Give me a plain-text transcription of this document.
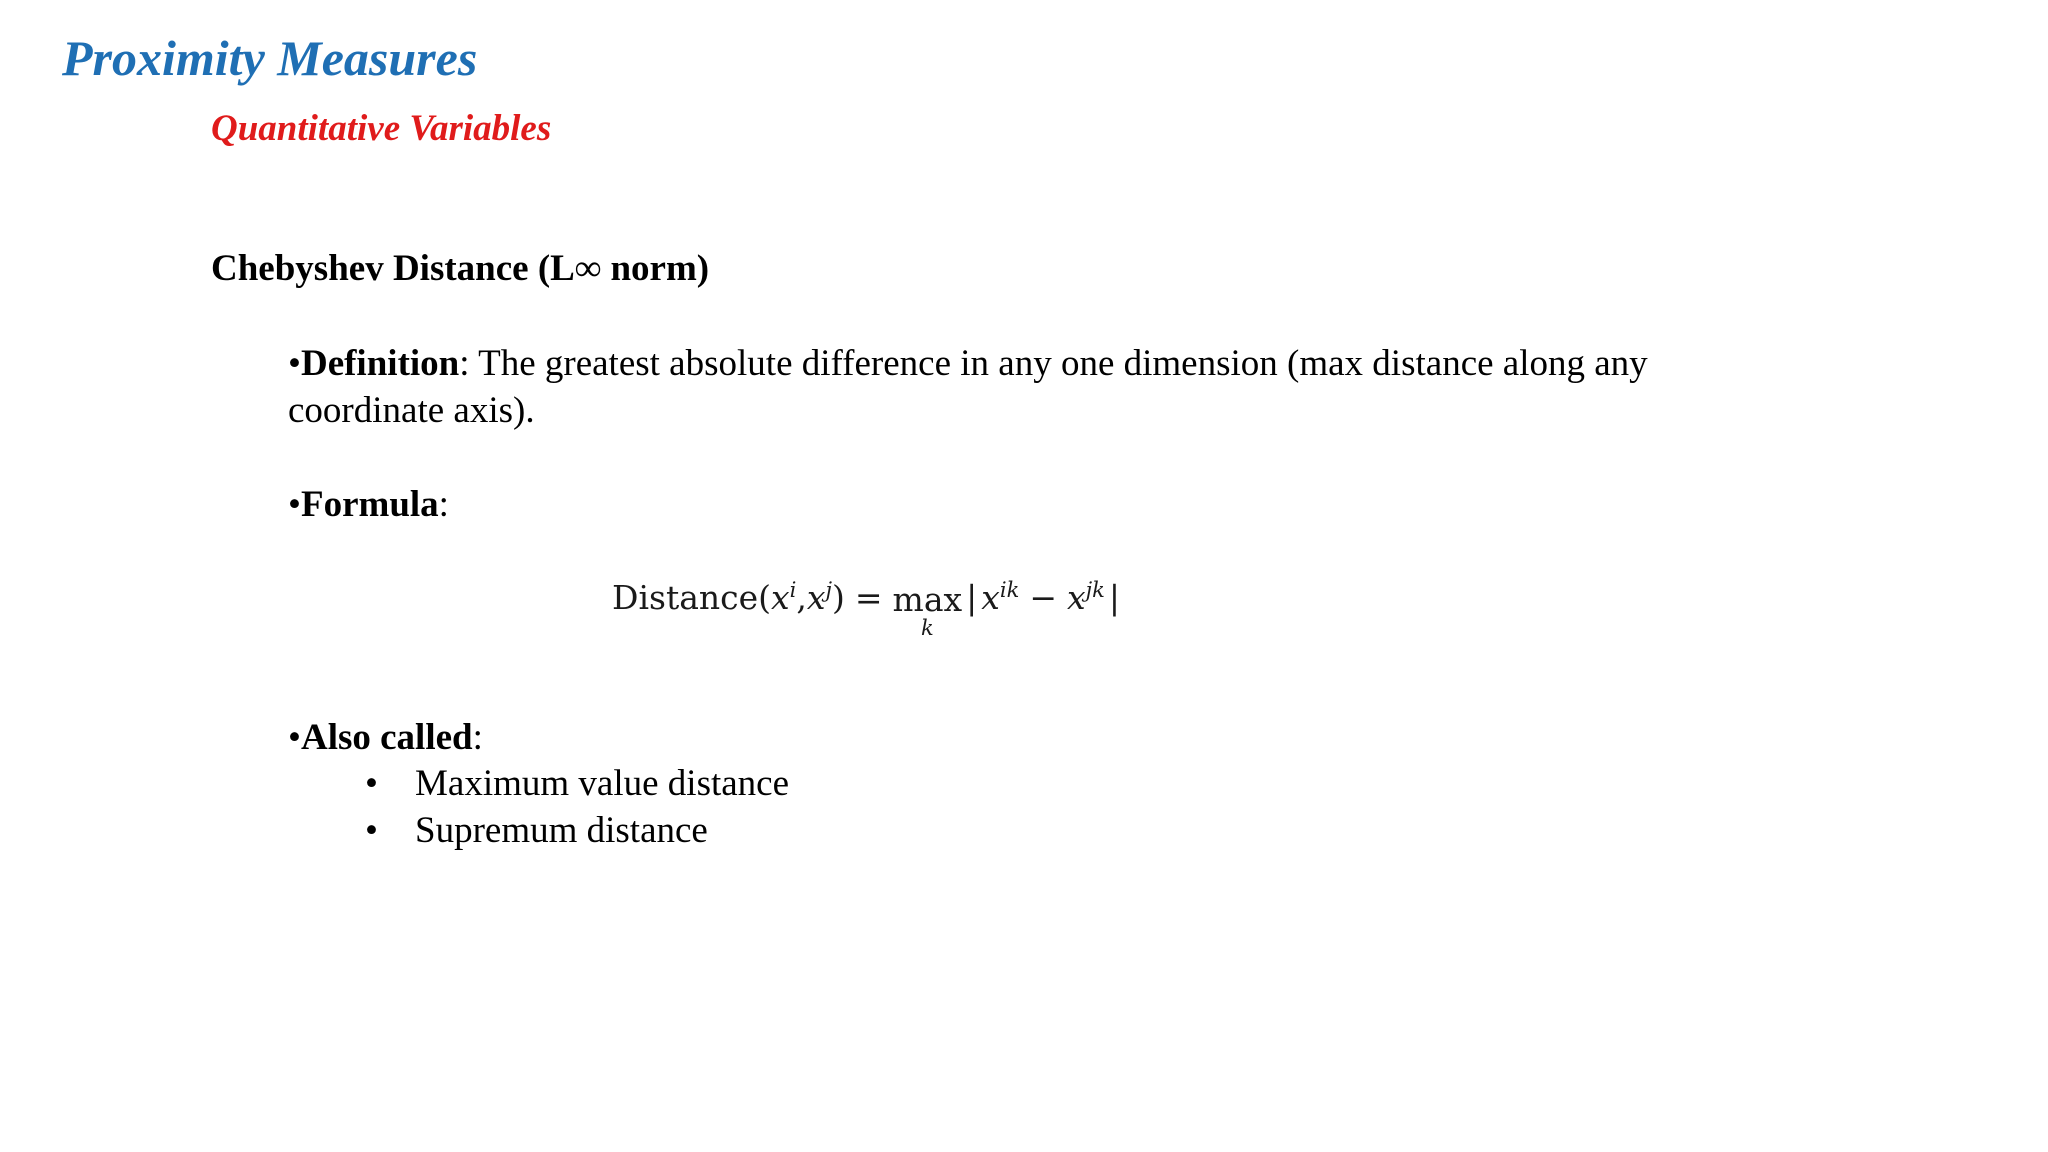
Proximity Measures
Quantitative Variables
Chebyshev Distance (L∞ norm)

•Definition: The greatest absolute difference in any one dimension (max distance along any coordinate axis).

•Formula:

Distance( $x^i$ , $x^j$ ) = max
k
| $x^{ik} - x^{jk}$ |

•Also called:

• Maximum value distance
• Supremum distance
